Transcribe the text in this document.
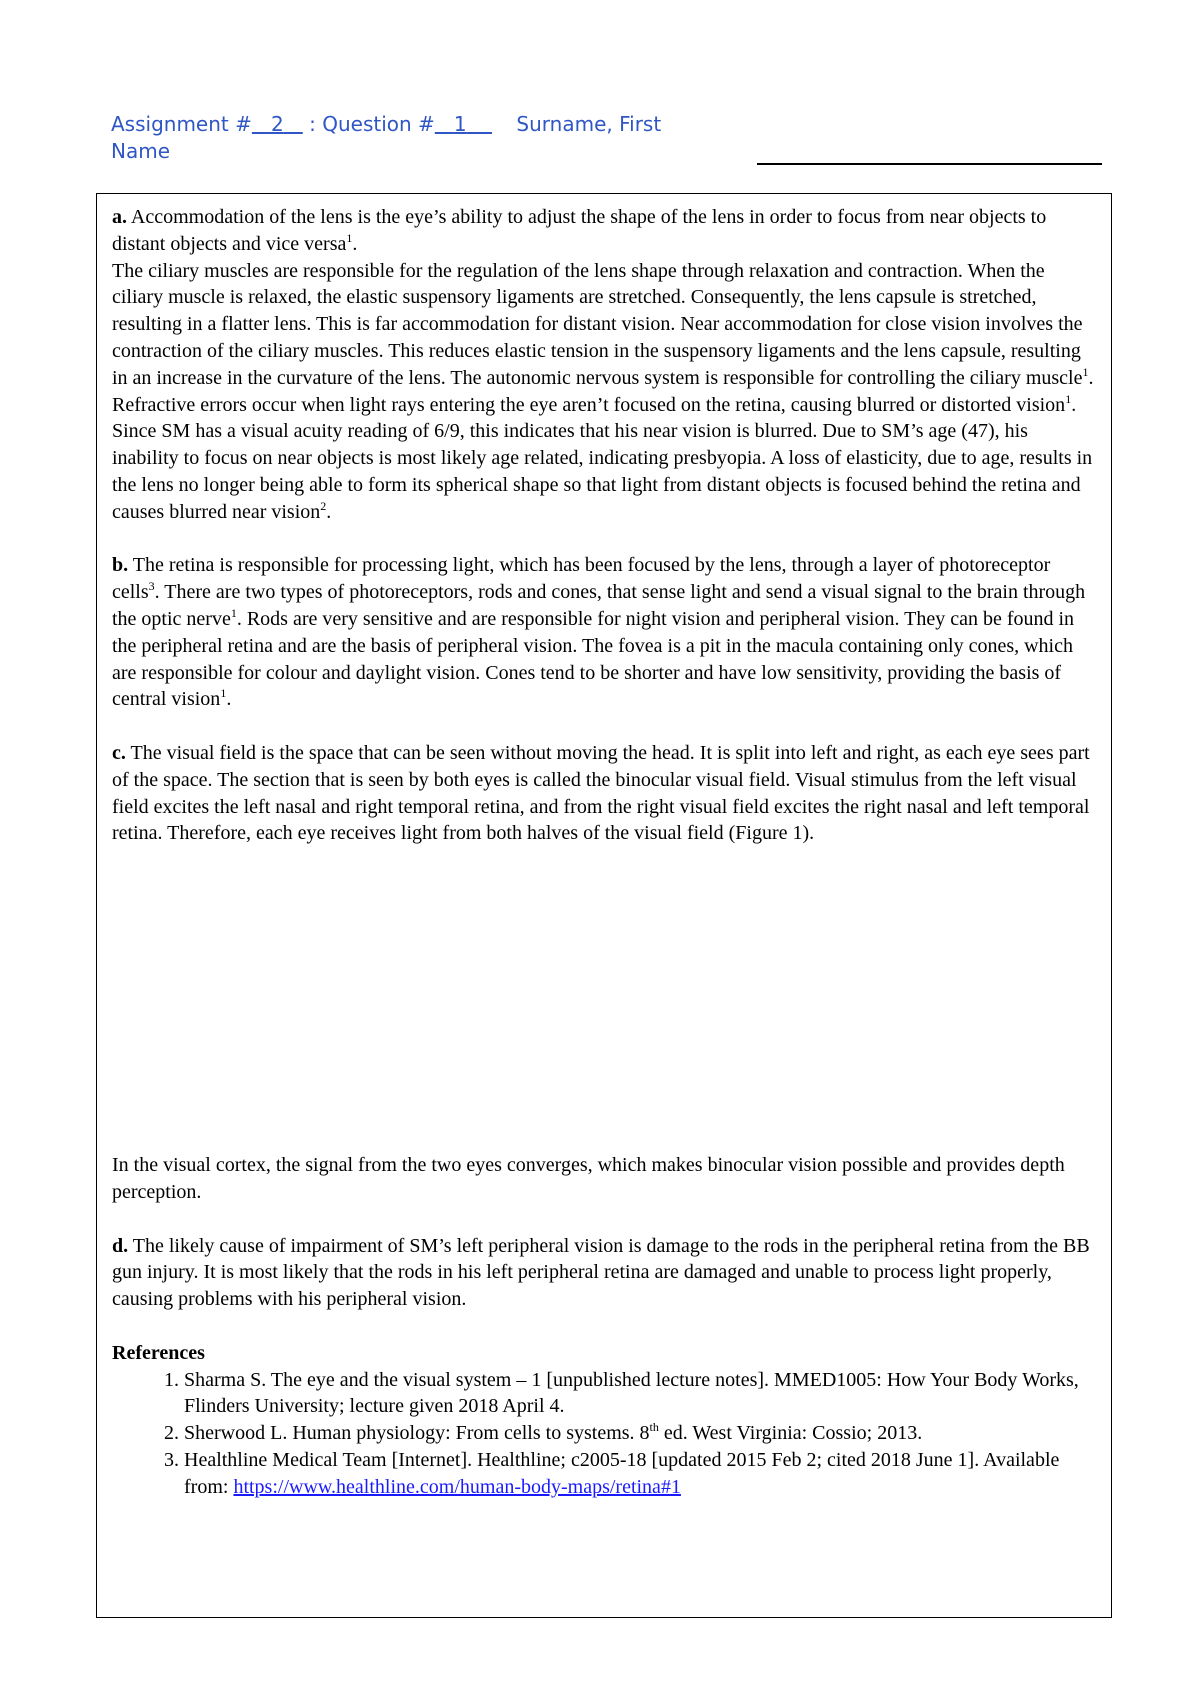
Assignment # 2 : Question # 1 Surname, First
Name

a. Accommodation of the lens is the eye’s ability to adjust the shape of the lens in order to focus from near objects to distant objects and vice versa$^1$.

The ciliary muscles are responsible for the regulation of the lens shape through relaxation and contraction. When the ciliary muscle is relaxed, the elastic suspensory ligaments are stretched. Consequently, the lens capsule is stretched, resulting in a flatter lens. This is far accommodation for distant vision. Near accommodation for close vision involves the contraction of the ciliary muscles. This reduces elastic tension in the suspensory ligaments and the lens capsule, resulting in an increase in the curvature of the lens. The autonomic nervous system is responsible for controlling the ciliary muscle$^1$.

Refractive errors occur when light rays entering the eye aren’t focused on the retina, causing blurred or distorted vision$^1$. Since SM has a visual acuity reading of 6/9, this indicates that his near vision is blurred. Due to SM’s age (47), his inability to focus on near objects is most likely age related, indicating presbyopia. A loss of elasticity, due to age, results in the lens no longer being able to form its spherical shape so that light from distant objects is focused behind the retina and causes blurred near vision$^2$.

b. The retina is responsible for processing light, which has been focused by the lens, through a layer of photoreceptor cells$^3$. There are two types of photoreceptors, rods and cones, that sense light and send a visual signal to the brain through the optic nerve$^1$. Rods are very sensitive and are responsible for night vision and peripheral vision. They can be found in the peripheral retina and are the basis of peripheral vision. The fovea is a pit in the macula containing only cones, which are responsible for colour and daylight vision. Cones tend to be shorter and have low sensitivity, providing the basis of central vision$^1$.

c. The visual field is the space that can be seen without moving the head. It is split into left and right, as each eye sees part of the space. The section that is seen by both eyes is called the binocular visual field. Visual stimulus from the left visual field excites the left nasal and right temporal retina, and from the right visual field excites the right nasal and left temporal retina. Therefore, each eye receives light from both halves of the visual field (Figure 1).

In the visual cortex, the signal from the two eyes converges, which makes binocular vision possible and provides depth perception.

d. The likely cause of impairment of SM’s left peripheral vision is damage to the rods in the peripheral retina from the BB gun injury. It is most likely that the rods in his left peripheral retina are damaged and unable to process light properly, causing problems with his peripheral vision.

References

1. Sharma S. The eye and the visual system – 1 [unpublished lecture notes]. MMED1005: How Your Body Works, Flinders University; lecture given 2018 April 4.
2. Sherwood L. Human physiology: From cells to systems. 8th ed. West Virginia: Cossio; 2013.
3. Healthline Medical Team [Internet]. Healthline; c2005-18 [updated 2015 Feb 2; cited 2018 June 1]. Available from: https://www.healthline.com/human-body-maps/retina#1
